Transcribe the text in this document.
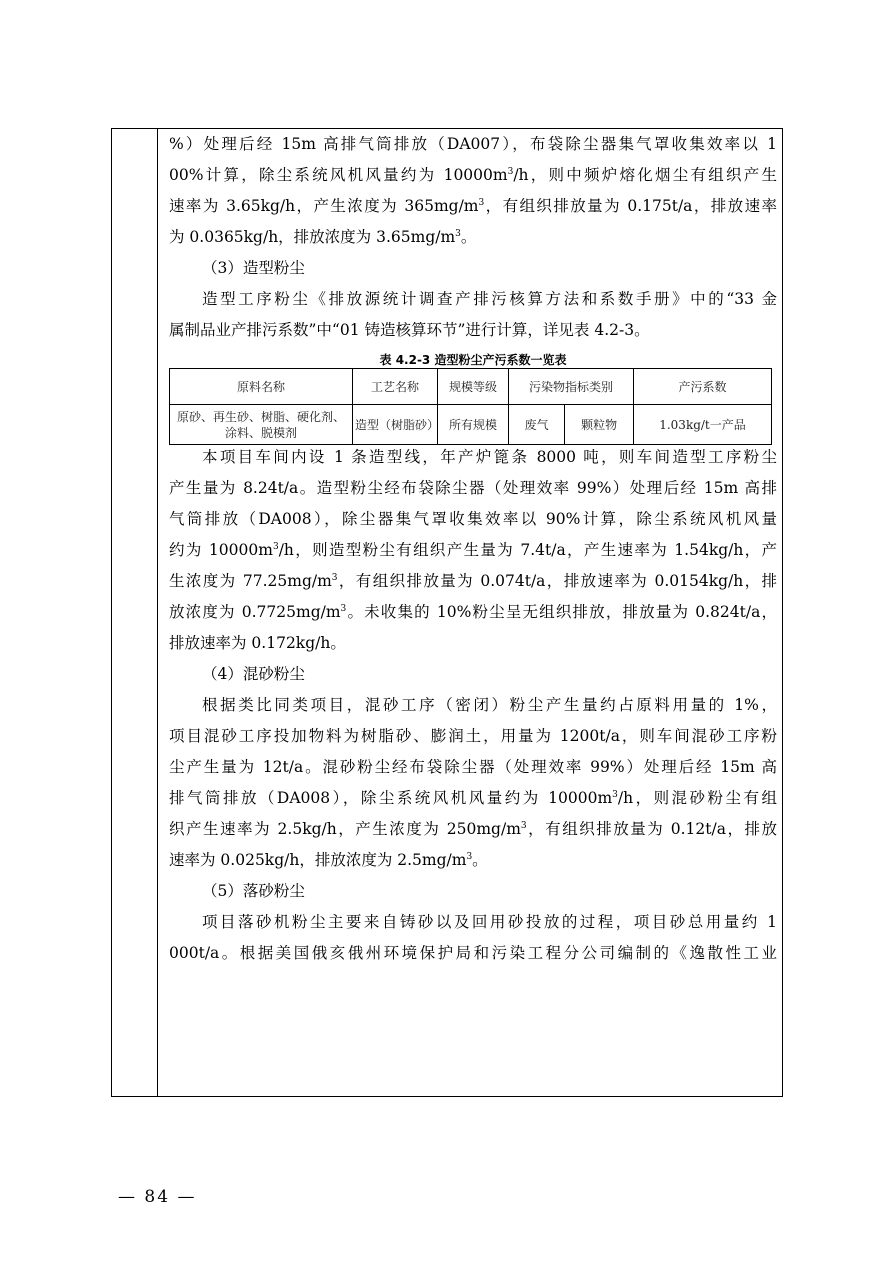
%）处理后经 15m 高排气筒排放（DA007），布袋除尘器集气罩收集效率以 1
00%计算，除尘系统风机风量约为 $10000m^3/h$，则中频炉熔化烟尘有组织产生
速率为 3.65kg/h，产生浓度为 $365mg/m^3$，有组织排放量为 0.175t/a，排放速率
为 0.0365kg/h，排放浓度为 $3.65mg/m^3$。
（3）造型粉尘
造型工序粉尘《排放源统计调查产排污核算方法和系数手册》中的“33 金
属制品业产排污系数”中“01 铸造核算环节”进行计算，详见表 4.2-3。
表 4.2-3 造型粉尘产污系数一览表
原料名称	工艺名称	规模等级	污染物指标类别		产污系数
原砂、再生砂、树脂、硬化剂、涂料、脱模剂	造型（树脂砂）	所有规模	废气	颗粒物	1.03kg/t一产品
本项目车间内设 1 条造型线，年产炉篦条 8000 吨，则车间造型工序粉尘
产生量为 8.24t/a。造型粉尘经布袋除尘器（处理效率 99%）处理后经 15m 高排
气筒排放（DA008），除尘器集气罩收集效率以 90%计算，除尘系统风机风量
约为 $10000m^3/h$，则造型粉尘有组织产生量为 7.4t/a，产生速率为 1.54kg/h，产
生浓度为 $77.25mg/m^3$，有组织排放量为 0.074t/a，排放速率为 0.0154kg/h，排
放浓度为 $0.7725mg/m^3$。未收集的 10%粉尘呈无组织排放，排放量为 0.824t/a，
排放速率为 0.172kg/h。
（4）混砂粉尘
根据类比同类项目，混砂工序（密闭）粉尘产生量约占原料用量的 1%，
项目混砂工序投加物料为树脂砂、膨润土，用量为 1200t/a，则车间混砂工序粉
尘产生量为 12t/a。混砂粉尘经布袋除尘器（处理效率 99%）处理后经 15m 高
排气筒排放（DA008），除尘系统风机风量约为 $10000m^3/h$，则混砂粉尘有组
织产生速率为 2.5kg/h，产生浓度为 $250mg/m^3$，有组织排放量为 0.12t/a，排放
速率为 0.025kg/h，排放浓度为 $2.5mg/m^3$。
（5）落砂粉尘
项目落砂机粉尘主要来自铸砂以及回用砂投放的过程，项目砂总用量约 1
000t/a。根据美国俄亥俄州环境保护局和污染工程分公司编制的《逸散性工业
— 84 —
